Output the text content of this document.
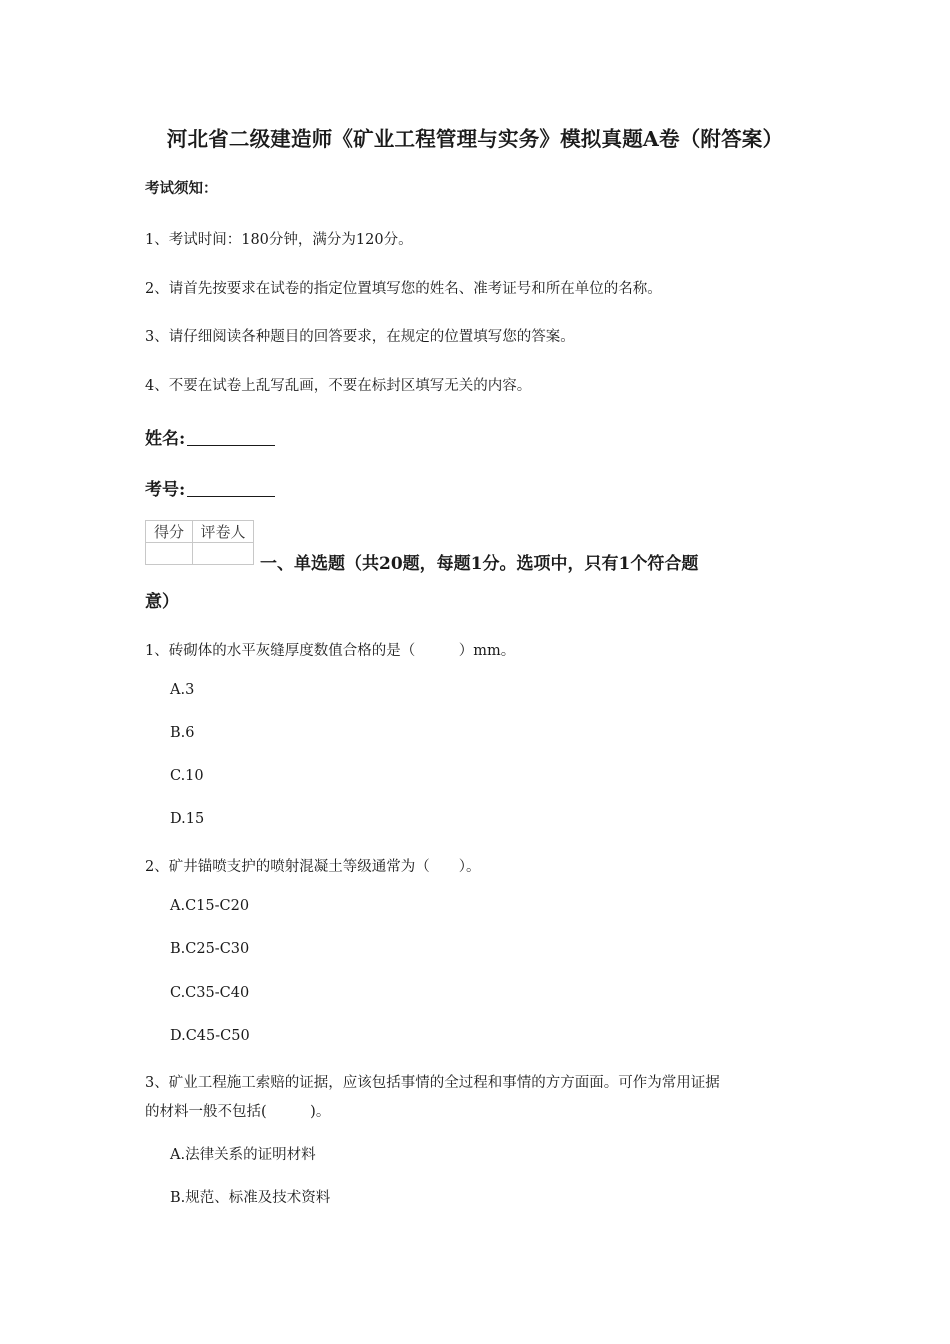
河北省二级建造师《矿业工程管理与实务》模拟真题A卷（附答案）
考试须知：
1、考试时间：180分钟，满分为120分。
2、请首先按要求在试卷的指定位置填写您的姓名、准考证号和所在单位的名称。
3、请仔细阅读各种题目的回答要求，在规定的位置填写您的答案。
4、不要在试卷上乱写乱画，不要在标封区填写无关的内容。
姓名:
考号:
得分	评卷人

一、单选题（共20题，每题1分。选项中，只有1个符合题
意）
1、砖砌体的水平灰缝厚度数值合格的是（　　　）mm。
A.3
B.6
C.10
D.15
2、矿井锚喷支护的喷射混凝土等级通常为（　　）。
A.C15-C20
B.C25-C30
C.C35-C40
D.C45-C50
3、矿业工程施工索赔的证据，应该包括事情的全过程和事情的方方面面。可作为常用证据
的材料一般不包括(　　　)。
A.法律关系的证明材料
B.规范、标准及技术资料
